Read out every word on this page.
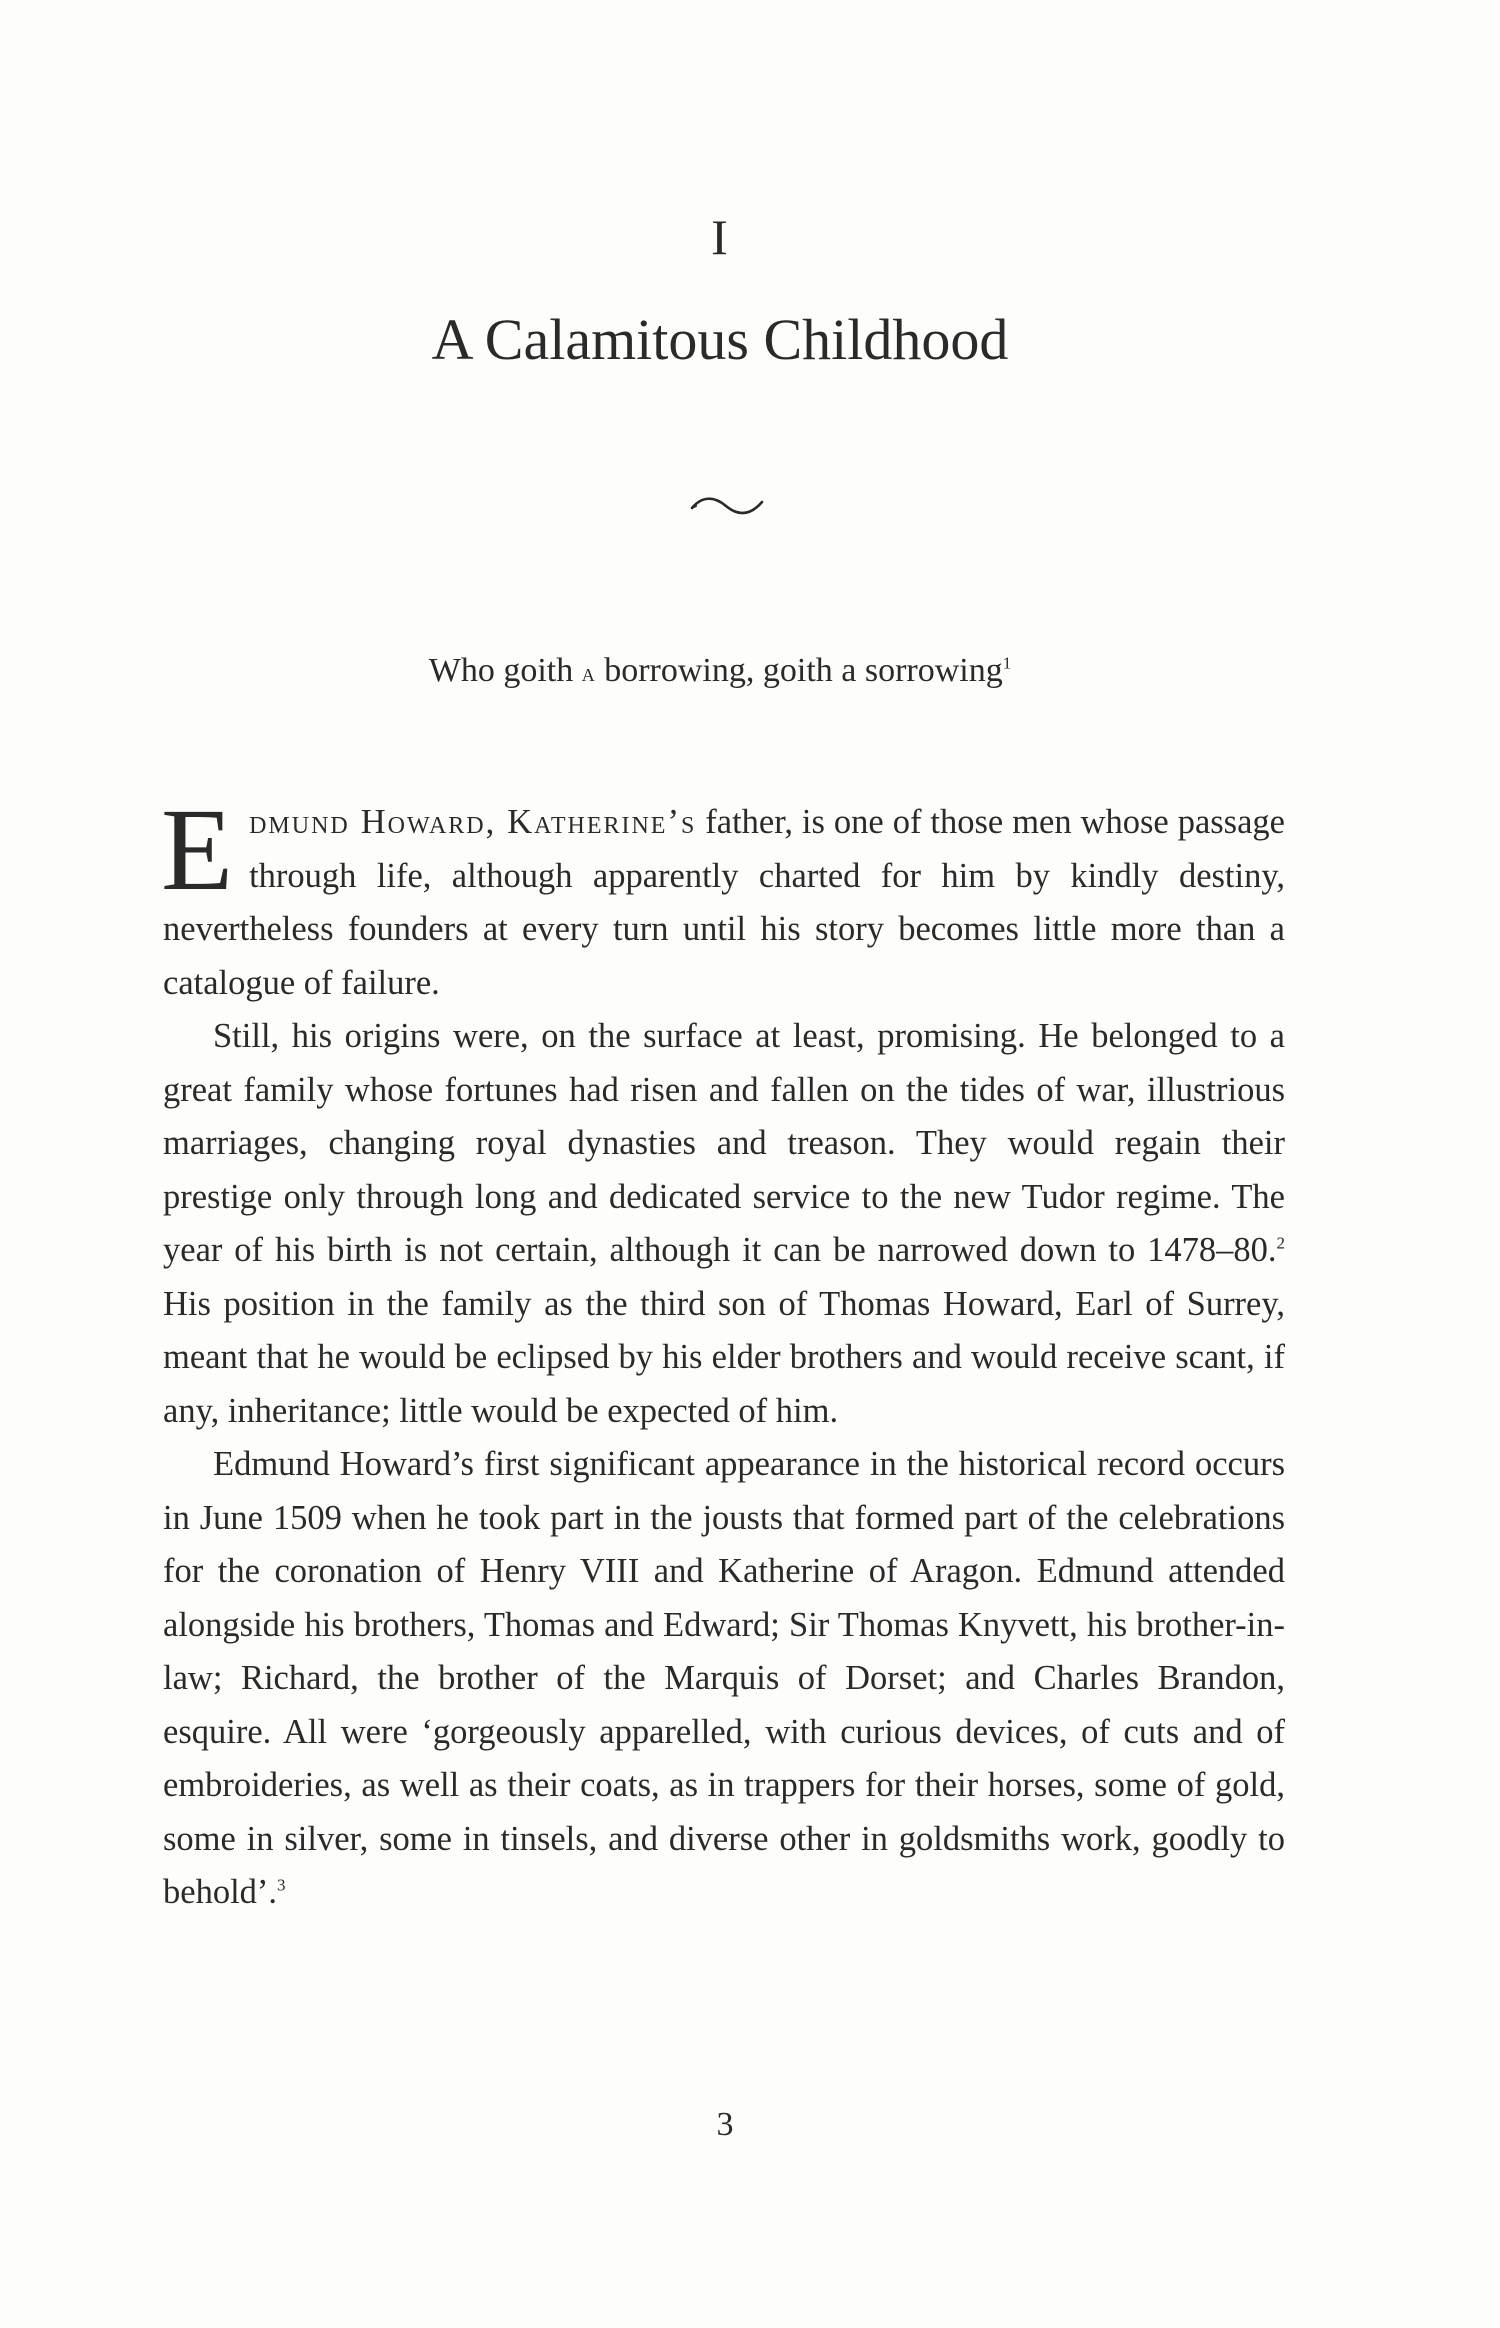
I
A Calamitous Childhood
Who goith a borrowing, goith a sorrowing$^1$

Edmund Howard, Katherine’s father, is one of those men whose passage through life, although apparently charted for him by kindly destiny, nevertheless founders at every turn until his story becomes little more than a catalogue of failure.

Still, his origins were, on the surface at least, promising. He belonged to a great family whose fortunes had risen and fallen on the tides of war, illustrious marriages, changing royal dynasties and treason. They would regain their prestige only through long and dedicated service to the new Tudor regime. The year of his birth is not certain, although it can be narrowed down to 1478–80.$^2$ His position in the family as the third son of Thomas Howard, Earl of Surrey, meant that he would be eclipsed by his elder brothers and would receive scant, if any, inheritance; little would be expected of him.

Edmund Howard’s first significant appearance in the historical record occurs in June 1509 when he took part in the jousts that formed part of the celebrations for the coronation of Henry VIII and Katherine of Aragon. Edmund attended alongside his brothers, Thomas and Edward; Sir Thomas Knyvett, his brother-in-law; Richard, the brother of the Marquis of Dorset; and Charles Brandon, esquire. All were ‘gorgeously apparelled, with curious devices, of cuts and of embroideries, as well as their coats, as in trappers for their horses, some of gold, some in silver, some in tinsels, and diverse other in goldsmiths work, goodly to behold’.$^3$

3
